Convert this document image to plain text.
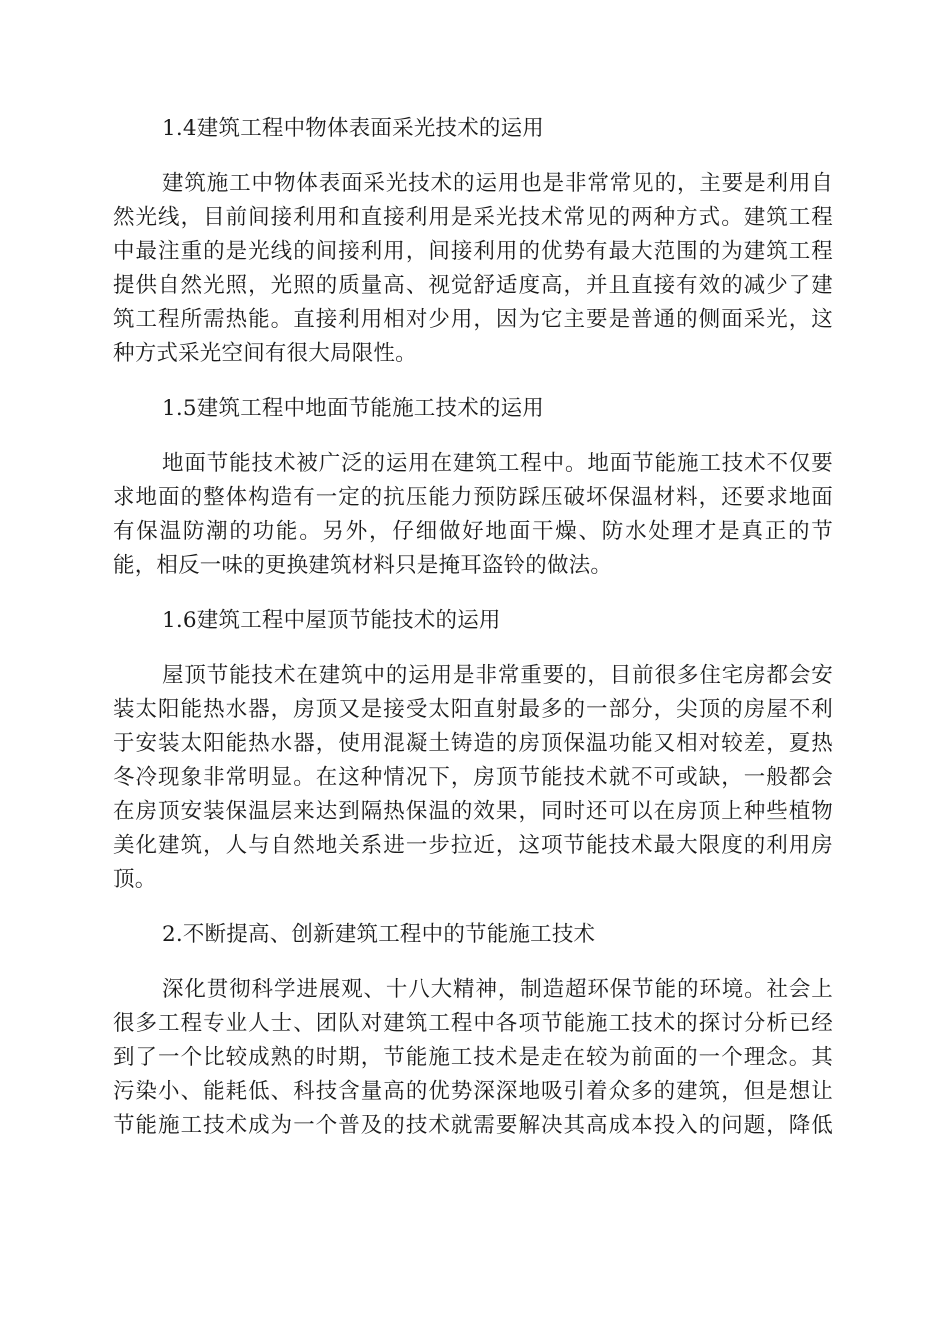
1.4建筑工程中物体表面采光技术的运用
建筑施工中物体表面采光技术的运用也是非常常见的，主要是利用自
然光线，目前间接利用和直接利用是采光技术常见的两种方式。建筑工程
中最注重的是光线的间接利用，间接利用的优势有最大范围的为建筑工程
提供自然光照，光照的质量高、视觉舒适度高，并且直接有效的减少了建
筑工程所需热能。直接利用相对少用，因为它主要是普通的侧面采光，这
种方式采光空间有很大局限性。
1.5建筑工程中地面节能施工技术的运用
地面节能技术被广泛的运用在建筑工程中。地面节能施工技术不仅要
求地面的整体构造有一定的抗压能力预防踩压破坏保温材料，还要求地面
有保温防潮的功能。另外，仔细做好地面干燥、防水处理才是真正的节
能，相反一味的更换建筑材料只是掩耳盗铃的做法。
1.6建筑工程中屋顶节能技术的运用
屋顶节能技术在建筑中的运用是非常重要的，目前很多住宅房都会安
装太阳能热水器，房顶又是接受太阳直射最多的一部分，尖顶的房屋不利
于安装太阳能热水器，使用混凝土铸造的房顶保温功能又相对较差，夏热
冬冷现象非常明显。在这种情况下，房顶节能技术就不可或缺，一般都会
在房顶安装保温层来达到隔热保温的效果，同时还可以在房顶上种些植物
美化建筑，人与自然地关系进一步拉近，这项节能技术最大限度的利用房
顶。
2.不断提高、创新建筑工程中的节能施工技术
深化贯彻科学进展观、十八大精神，制造超环保节能的环境。社会上
很多工程专业人士、团队对建筑工程中各项节能施工技术的探讨分析已经
到了一个比较成熟的时期，节能施工技术是走在较为前面的一个理念。其
污染小、能耗低、科技含量高的优势深深地吸引着众多的建筑，但是想让
节能施工技术成为一个普及的技术就需要解决其高成本投入的问题，降低
